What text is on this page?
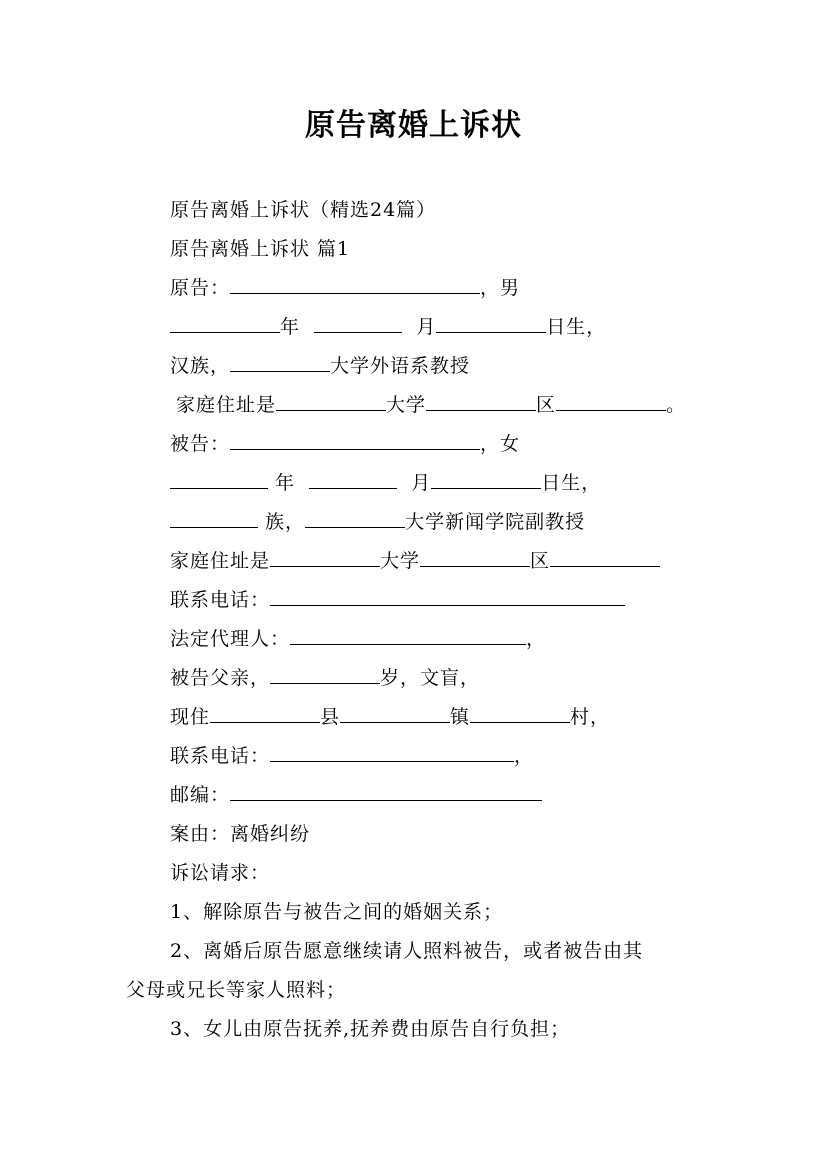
原告离婚上诉状
原告离婚上诉状（精选24篇）
原告离婚上诉状 篇1
原告：	，男
年	月	日生，
汉族，	大学外语系教授
家庭住址是	大学	区	。
被告：	，女
年	月	日生，
族，	大学新闻学院副教授
家庭住址是	大学	区
联系电话：
法定代理人：	，
被告父亲，	岁，文盲，
现住	县	镇	村，
联系电话：	，
邮编：
案由：离婚纠纷
诉讼请求：
1、解除原告与被告之间的婚姻关系；
2、离婚后原告愿意继续请人照料被告，或者被告由其
父母或兄长等家人照料；
3、女儿由原告抚养,抚养费由原告自行负担；
